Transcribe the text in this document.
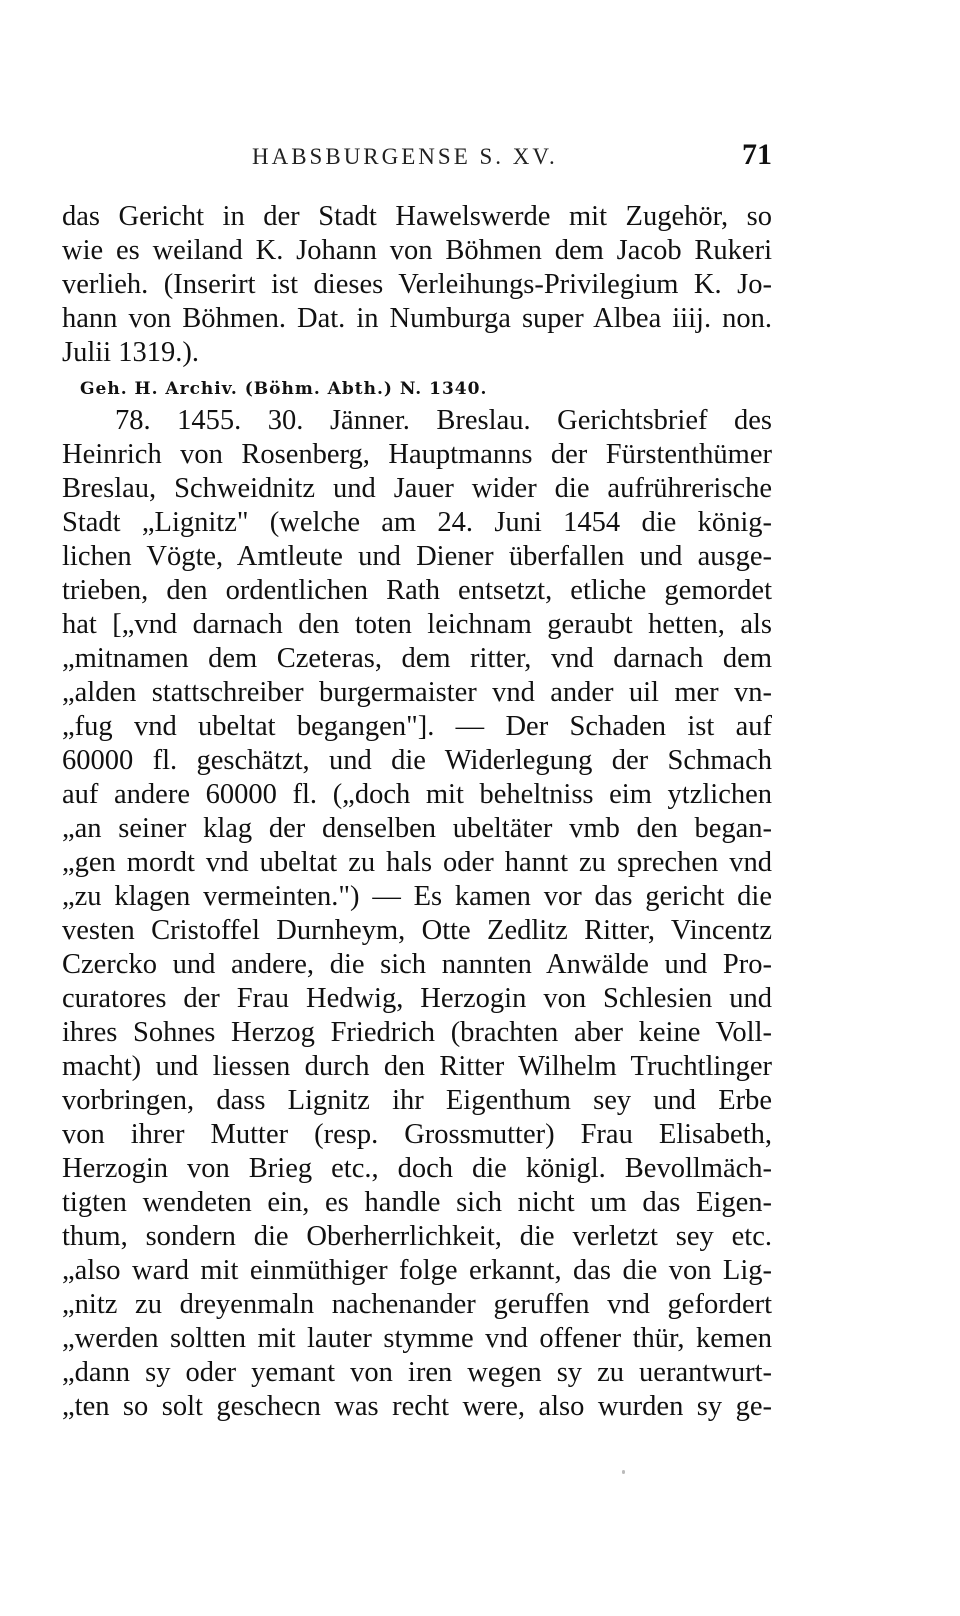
HABSBURGENSE S. XV.	71
das Gericht in der Stadt Hawelswerde mit Zugehör, so
wie es weiland K. Johann von Böhmen dem Jacob Rukeri
verlieh. (Inserirt ist dieses Verleihungs-Privilegium K. Jo-
hann von Böhmen. Dat. in Numburga super Albea iiij. non.
Julii 1319.).
Geh. H. Archiv. (Böhm. Abth.) N. 1340.
78. 1455. 30. Jänner. Breslau. Gerichtsbrief des
Heinrich von Rosenberg, Hauptmanns der Fürstenthümer
Breslau, Schweidnitz und Jauer wider die aufrührerische
Stadt „Lignitz" (welche am 24. Juni 1454 die könig-
lichen Vögte, Amtleute und Diener überfallen und ausge-
trieben, den ordentlichen Rath entsetzt, etliche gemordet
hat [„vnd darnach den toten leichnam geraubt hetten, als
„mitnamen dem Czeteras, dem ritter, vnd darnach dem
„alden stattschreiber burgermaister vnd ander uil mer vn-
„fug vnd ubeltat begangen"]. — Der Schaden ist auf
60000 fl. geschätzt, und die Widerlegung der Schmach
auf andere 60000 fl. („doch mit beheltniss eim ytzlichen
„an seiner klag der denselben ubeltäter vmb den began-
„gen mordt vnd ubeltat zu hals oder hannt zu sprechen vnd
„zu klagen vermeinten.") — Es kamen vor das gericht die
vesten Cristoffel Durnheym, Otte Zedlitz Ritter, Vincentz
Czercko und andere, die sich nannten Anwälde und Pro-
curatores der Frau Hedwig, Herzogin von Schlesien und
ihres Sohnes Herzog Friedrich (brachten aber keine Voll-
macht) und liessen durch den Ritter Wilhelm Truchtlinger
vorbringen, dass Lignitz ihr Eigenthum sey und Erbe
von ihrer Mutter (resp. Grossmutter) Frau Elisabeth,
Herzogin von Brieg etc., doch die königl. Bevollmäch-
tigten wendeten ein, es handle sich nicht um das Eigen-
thum, sondern die Oberherrlichkeit, die verletzt sey etc.
„also ward mit einmüthiger folge erkannt, das die von Lig-
„nitz zu dreyenmaln nachenander geruffen vnd gefordert
„werden soltten mit lauter stymme vnd offener thür, kemen
„dann sy oder yemant von iren wegen sy zu uerantwurt-
„ten so solt geschecn was recht were, also wurden sy ge-
